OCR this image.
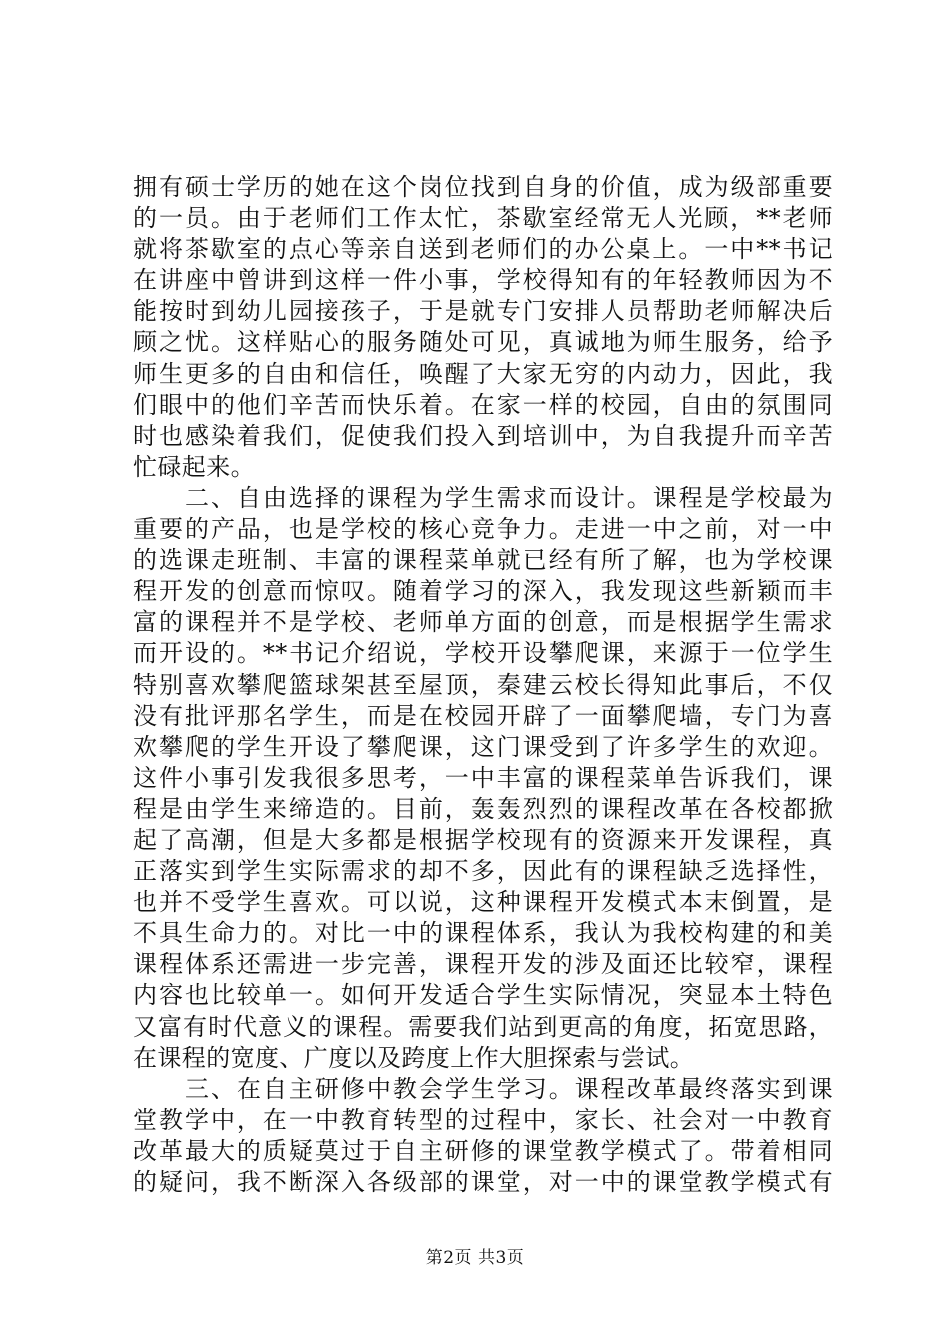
拥有硕士学历的她在这个岗位找到自身的价值，成为级部重要
的一员。由于老师们工作太忙，茶歇室经常无人光顾，**老师
就将茶歇室的点心等亲自送到老师们的办公桌上。一中**书记
在讲座中曾讲到这样一件小事，学校得知有的年轻教师因为不
能按时到幼儿园接孩子，于是就专门安排人员帮助老师解决后
顾之忧。这样贴心的服务随处可见，真诚地为师生服务，给予
师生更多的自由和信任，唤醒了大家无穷的内动力，因此，我
们眼中的他们辛苦而快乐着。在家一样的校园，自由的氛围同
时也感染着我们，促使我们投入到培训中，为自我提升而辛苦
忙碌起来。
二、自由选择的课程为学生需求而设计。课程是学校最为
重要的产品，也是学校的核心竞争力。走进一中之前，对一中
的选课走班制、丰富的课程菜单就已经有所了解，也为学校课
程开发的创意而惊叹。随着学习的深入，我发现这些新颖而丰
富的课程并不是学校、老师单方面的创意，而是根据学生需求
而开设的。**书记介绍说，学校开设攀爬课，来源于一位学生
特别喜欢攀爬篮球架甚至屋顶，秦建云校长得知此事后，不仅
没有批评那名学生，而是在校园开辟了一面攀爬墙，专门为喜
欢攀爬的学生开设了攀爬课，这门课受到了许多学生的欢迎。
这件小事引发我很多思考，一中丰富的课程菜单告诉我们，课
程是由学生来缔造的。目前，轰轰烈烈的课程改革在各校都掀
起了高潮，但是大多都是根据学校现有的资源来开发课程，真
正落实到学生实际需求的却不多，因此有的课程缺乏选择性，
也并不受学生喜欢。可以说，这种课程开发模式本末倒置，是
不具生命力的。对比一中的课程体系，我认为我校构建的和美
课程体系还需进一步完善，课程开发的涉及面还比较窄，课程
内容也比较单一。如何开发适合学生实际情况，突显本土特色
又富有时代意义的课程。需要我们站到更高的角度，拓宽思路，
在课程的宽度、广度以及跨度上作大胆探索与尝试。
三、在自主研修中教会学生学习。课程改革最终落实到课
堂教学中，在一中教育转型的过程中，家长、社会对一中教育
改革最大的质疑莫过于自主研修的课堂教学模式了。带着相同
的疑问，我不断深入各级部的课堂，对一中的课堂教学模式有
第2页 共3页
